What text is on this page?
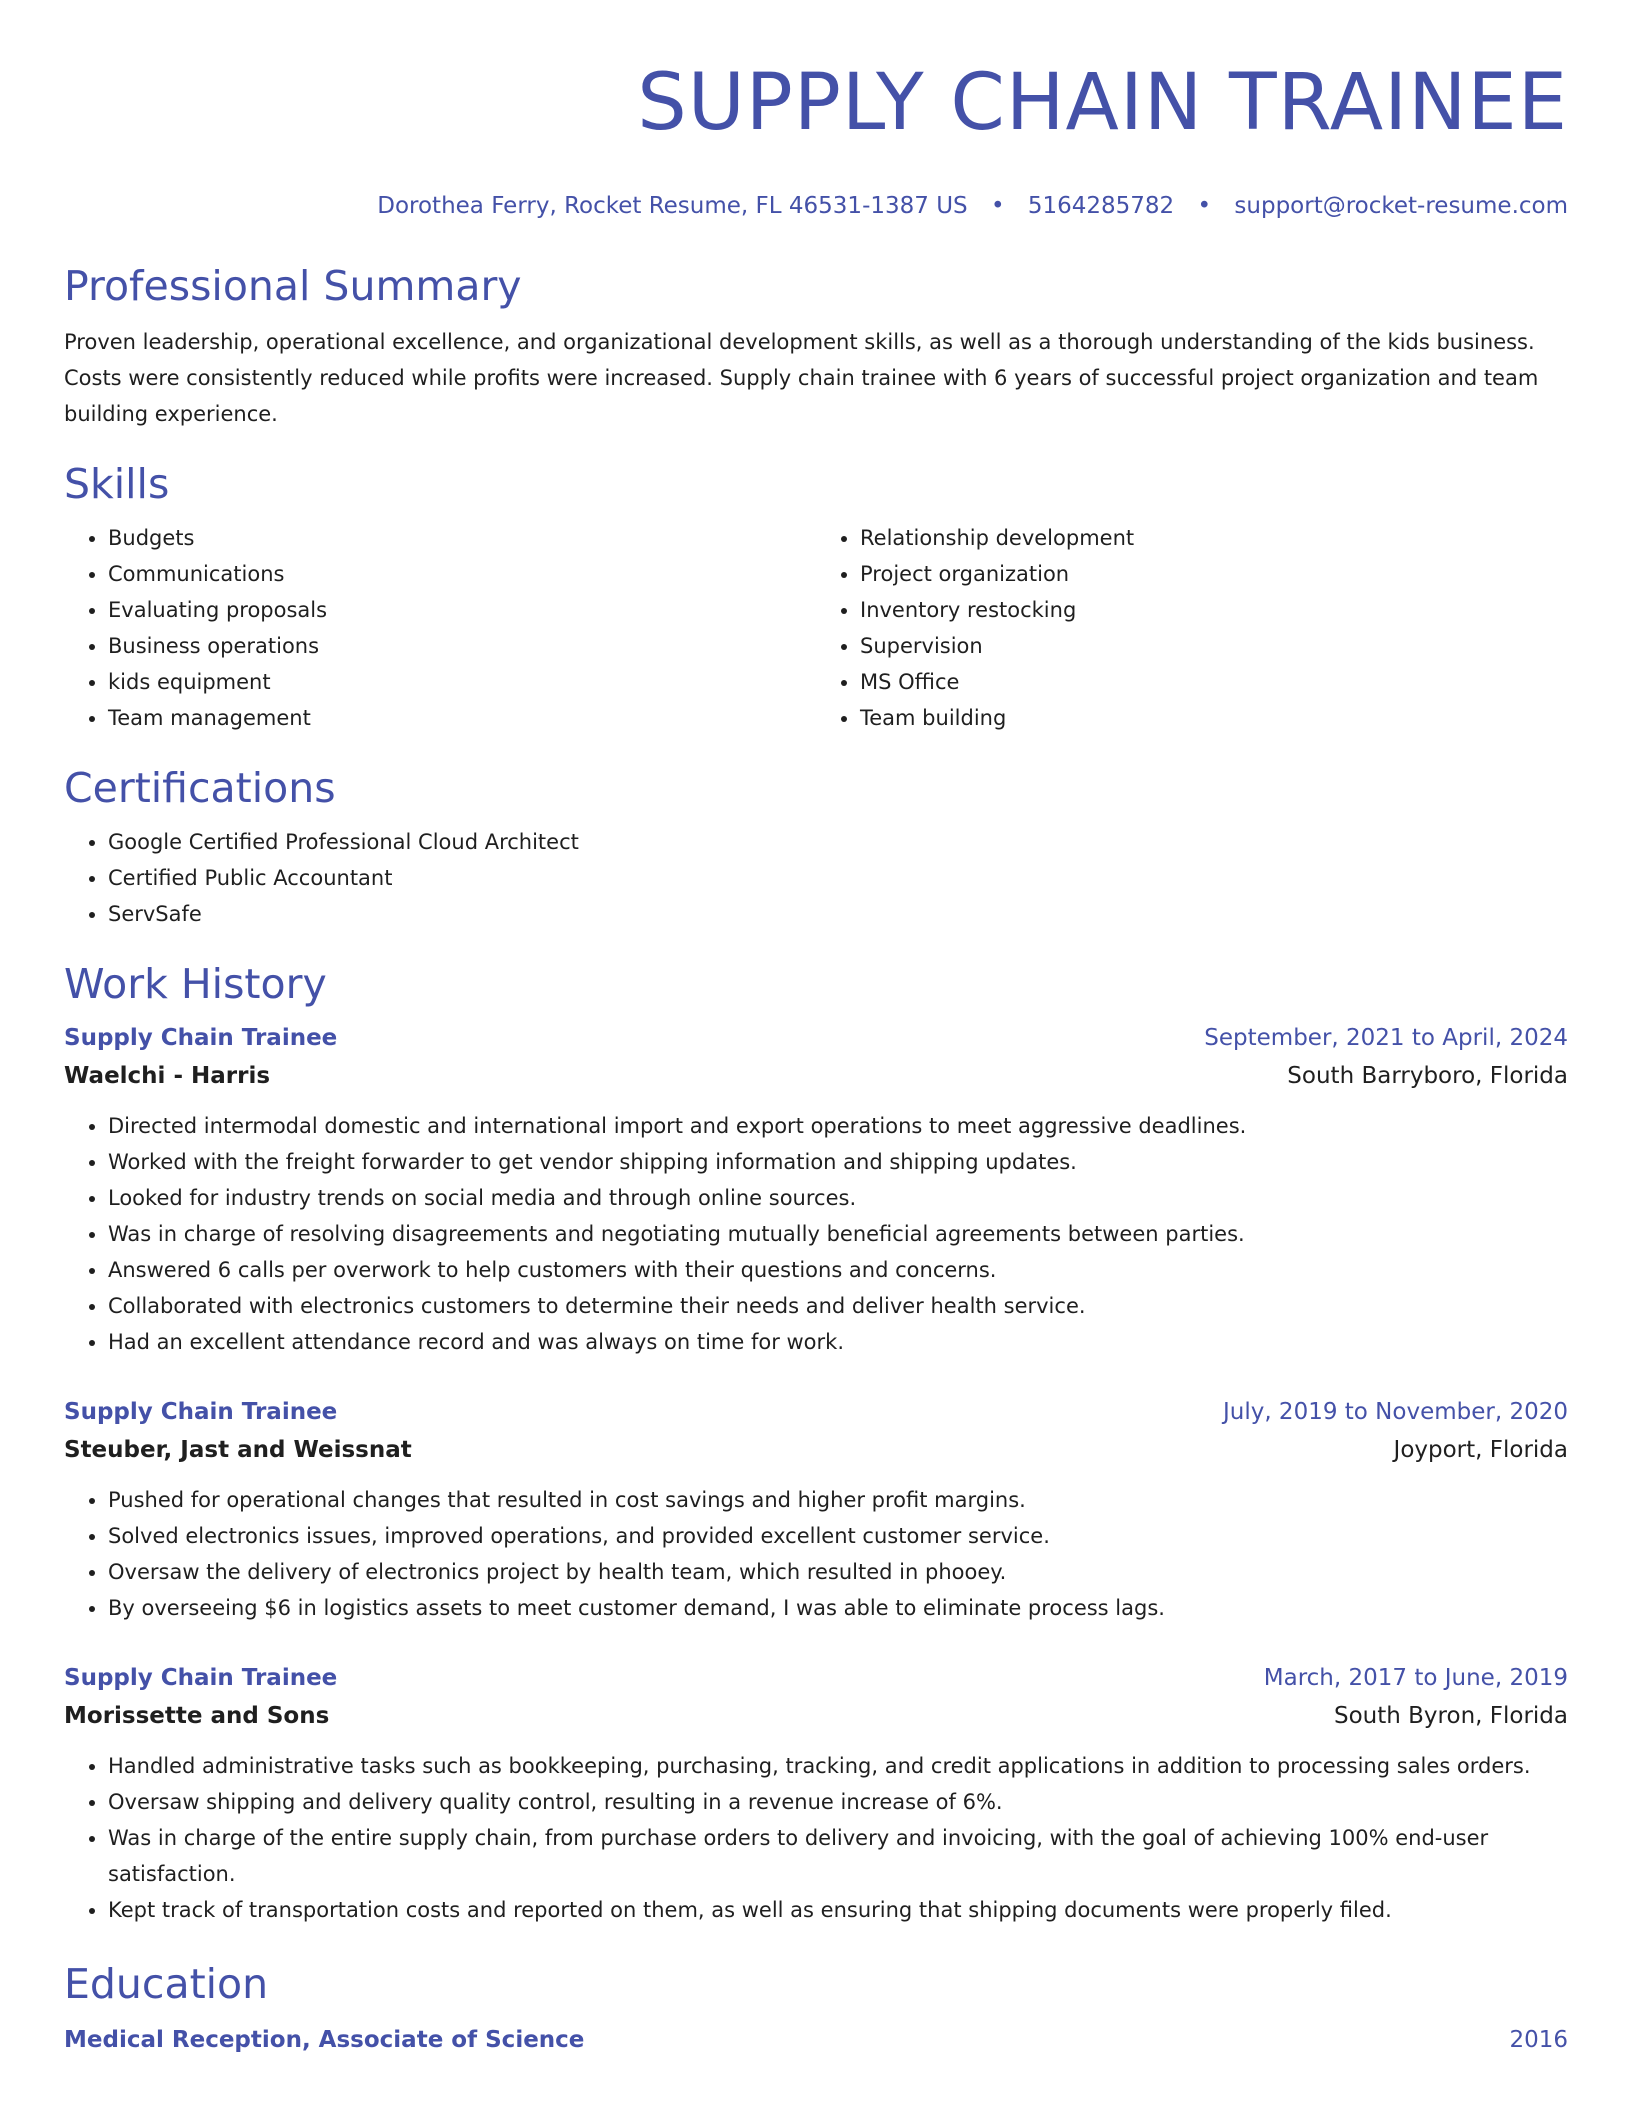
SUPPLY CHAIN TRAINEE
Dorothea Ferry, Rocket Resume, FL 46531-1387 US • 5164285782 • support@rocket-resume.com
Professional Summary

Proven leadership, operational excellence, and organizational development skills, as well as a thorough understanding of the kids business. Costs were consistently reduced while profits were increased. Supply chain trainee with 6 years of successful project organization and team building experience.

Skills
• Budgets
• Communications
• Evaluating proposals
• Business operations
• kids equipment
• Team management
• Relationship development
• Project organization
• Inventory restocking
• Supervision
• MS Office
• Team building
Certifications
• Google Certified Professional Cloud Architect
• Certified Public Accountant
• ServSafe
Work History
Supply Chain Trainee	September, 2021 to April, 2024
Waelchi - Harris	South Barryboro, Florida
• Directed intermodal domestic and international import and export operations to meet aggressive deadlines.
• Worked with the freight forwarder to get vendor shipping information and shipping updates.
• Looked for industry trends on social media and through online sources.
• Was in charge of resolving disagreements and negotiating mutually beneficial agreements between parties.
• Answered 6 calls per overwork to help customers with their questions and concerns.
• Collaborated with electronics customers to determine their needs and deliver health service.
• Had an excellent attendance record and was always on time for work.
Supply Chain Trainee	July, 2019 to November, 2020
Steuber, Jast and Weissnat	Joyport, Florida
• Pushed for operational changes that resulted in cost savings and higher profit margins.
• Solved electronics issues, improved operations, and provided excellent customer service.
• Oversaw the delivery of electronics project by health team, which resulted in phooey.
• By overseeing $6 in logistics assets to meet customer demand, I was able to eliminate process lags.
Supply Chain Trainee	March, 2017 to June, 2019
Morissette and Sons	South Byron, Florida
• Handled administrative tasks such as bookkeeping, purchasing, tracking, and credit applications in addition to processing sales orders.
• Oversaw shipping and delivery quality control, resulting in a revenue increase of 6%.
• Was in charge of the entire supply chain, from purchase orders to delivery and invoicing, with the goal of achieving 100% end-user satisfaction.
• Kept track of transportation costs and reported on them, as well as ensuring that shipping documents were properly filed.
Education
Medical Reception, Associate of Science	2016
